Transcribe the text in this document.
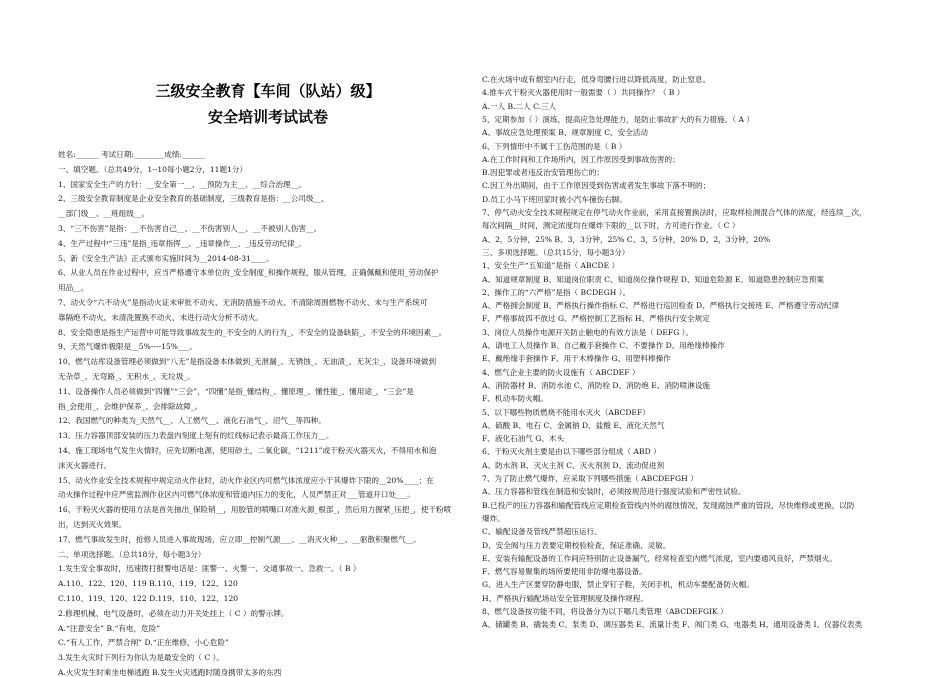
三级安全教育【车间（队站）级】
安全培训考试试卷
姓名:______ 考试日期:________成绩:______
一、填空题。（总共49分，1--10每小题2分，11题1分）
1、国家安全生产的方针：__安全第一__、__预防为主__、__综合治理__。
2、三级安全教育制度是企业安全教育的基础制度，三级教育是指：__公司级__、
__部门级__、__班组级__。
3、“三不伤害”是指：__不伤害自己__、__不伤害别人__、__不被别人伤害__。
4、生产过程中“三违”是指_违章指挥__、_违章操作__、_违反劳动纪律_。
5、新《安全生产法》正式颁布实施时间为__2014-08-31____。
6、从业人员在作业过程中，应当严格遵守本单位的_安全制度_和操作规程，服从管理，正确佩戴和使用_劳动保护
用品__。
7、动火令“六不动火”是指动火证未审批不动火、无消防措施不动火、不清除周围燃物不动火、未与生产系统可
靠隔绝不动火、未清洗置换不动火、未进行动火分析不动火。
8、安全隐患是指生产运营中可能导致事故发生的_不安全的人的行为_、不安全的设备缺陷_、不安全的环境因素__。
9、天然气爆炸极限是__5%----15%___。
10、燃气站库设备管理必须做到“八无”是指设备本体做到_无泄漏_、无锈蚀_、无油渍_、无灰尘_，设备环境做到
无杂草_、无弯路_、无积水_、无垃圾_。
11、设备操作人员必须做到“四懂”“三会”，“四懂”是指_懂结构_、懂原理_、懂性能_、懂用途_，“三会”是
指_会使用_、会维护保养_、会排除故障_。
12、我国燃气的种类为_天然气__、人工燃气__、液化石油气_、沼气__等四种。
13、压力容器顶部安装的压力表盘内刻度上刻有的红线标记表示最高工作压力__。
14、施工现场电气发生火情时，应先切断电源，使用砂土，二氧化碳，“1211”或干粉灭火器灭火，不得用水和泡
沫灭火器进行。
15、动火作业安全技术规程中规定动火作业时，动火作业区内可燃气体浓度应小于其爆炸下限的__20%____；在
动火操作过程中应严密监测作业区内可燃气体浓度和管道内压力的变化，人员严禁正对___管道开口处___。
16、干粉灭火器的使用方法是首先抽出_保险销__，用胶管的喷嘴口对准火源_根部_，然后用力握紧_压把_，使干粉喷
出，达到灭火效果。
17、燃气事故发生时，抢修人员进入事故现场，应立即__控制气源___、__消灭火种__、__驱散积聚燃气__。
二、单项选择题。（总共18分，每小题3分）
1.发生安全事故时，迅速拨打报警电话是：匪警一、火警一、交通事故一、急救一。（ B ）
A.110、122、120、119 B.110、119、122、120
C.110、119、120、122 D.119、110、122、120
2.修理机械、电气设备时，必须在动力开关处挂上（ C ）的警示牌。
A.“注意安全” B.“有电，危险”
C.“有人工作，严禁合闸” D.“正在维修，小心危险”
3.发生火灾时下列行为你认为是最安全的（ C ）。
A.火灾发生时乘坐电梯逃跑 B.发生火灾逃跑时随身携带太多的东西
C.在火场中或有烟室内行走，低身弯腰行进以降低高度，防止窒息。
4.推车式干粉灭火器使用时一般需要（ ）共同操作？（ B ）
A.一人 B.二人 C.三人
5、定期参加（ ）演练，提高应急处理能力，是防止事故扩大的有力措施。（ A ）
A、事故应急处理预案 B、规章制度 C、安全活动
6、下列情形中不属于工伤范围的是（ B ）
A.在工作时间和工作场所内，因工作原因受到事故伤害的；
B.因犯罪或者违反治安管理伤亡的；
C.因工外出期间，由于工作原因受到伤害或者发生事故下落不明的；
D.员工小马下班回家时被小汽车撞伤右脚。
7、停气动火安全技术规程规定在停气动火作业前，采用直接置换法时，应取样检测混合气体的浓度，经连续__次，
每次间隔__时间，测定浓度均在爆炸下限的__以下时，方可进行作业。（ C ）
A、2，5分钟，25% B、3，3分钟，25% C、3，5分钟，20% D、2，3分钟，20%
三、多项选择题。（总共15分，每小题3分）
1、安全生产“五知道”是指（ ABCDE ）
A、知道规章制度 B、知道岗位职责 C、知道岗位操作规程 D、知道危险源 E、知道隐患控制应急预案
2、操作工的“六严格”是指（ BCDEGH ）。
A、严格拥会制度 B、严格执行操作指标 C、严格进行巡回检查 D、严格执行交接班 E、严格遵守劳动纪律
F、严格事故四不放过 G、严格控制工艺指标 H、严格执行安全规定
3、岗位人员操作电源开关防止触电的有效方法是（ DEFG ）。
A、请电工人员操作 B、自己戴手套操作 C、不要操作 D、用绝缘棒操作
E、戴绝缘手套操作 F、用干木棒操作 G、用塑料棒操作
4、燃气企业主要的防火设施有（ ABCDEF ）
A、消防器材 B、消防水池 C、消防栓 D、消防炮 E、消防喷淋设施
F、机动车防火帽。
5、以下哪些物质燃烧不能用水灭火（ABCDEF）
A、硫酸 B、电石 C、金属钠 D、盐酸 E、液化天然气
F、液化石油气 G、木头
6、干粉灭火剂主要是由以下哪些部分组成（ ABD ）
A、防水剂 B、灭火主剂 C、灭火剂剂 D、流动促进剂
7、为了防止燃气爆炸，应采取下列哪些措施（ ABCDEFGH ）
A、压力容器和管线在制造和安装时，必须按规范进行强度试验和严密性试验。
B.已投产的压力容器和输配管线应定期检查管线内外的腐蚀情况，发现腐蚀严重的管段，尽快维修或更换，以防
爆炸。
C、输配设备及管线严禁超压运行。
D、安全阀与压力表要定期校验检查，保证准确、灵敏。
E、安装有输配设备的工作间应特别防止设备漏气，经常检查室内燃气浓度，室内要通风良好，严禁烟火。
F、燃气容易聚集的场所要使用非防爆电器设备。
G、进入生产区要穿防静电服，禁止穿钉子鞋，关闭手机，机动车要配备防火帽。
H、严格执行输配场站安全管理制度及操作规程。
8、燃气设备按功能不同，将设备分为以下哪几类管理（ABCDEFGIK ）
A、储罐类 B、撬装类 C、泵类 D、调压器类 E、流量计类 F、阀门类 G、电器类 H、通用设备类 I、仪器仪表类
